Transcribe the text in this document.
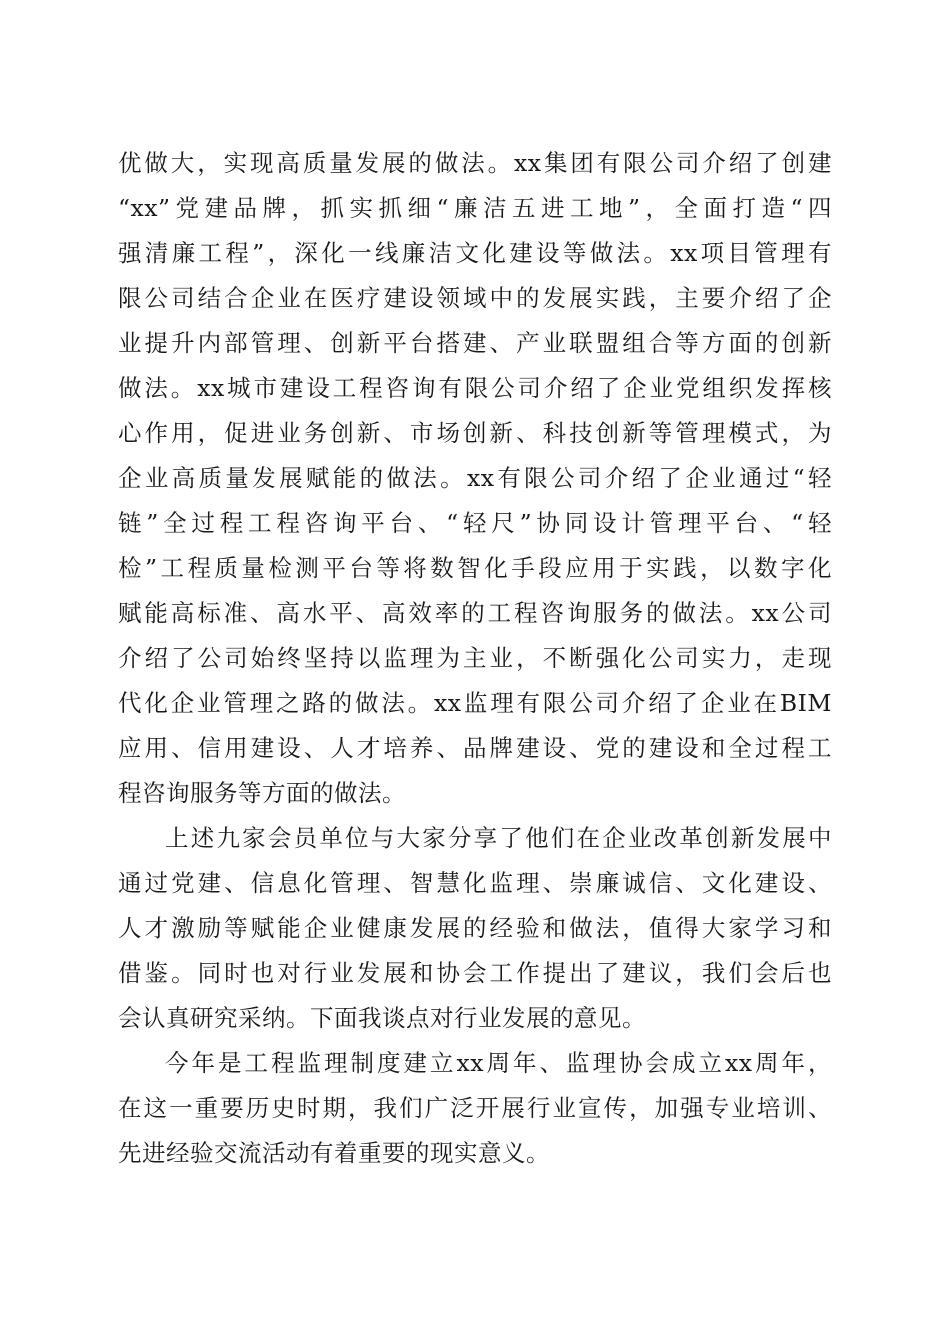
优做大，实现高质量发展的做法。xx集团有限公司介绍了创建
“xx”党建品牌，抓实抓细“廉洁五进工地”，全面打造“四
强清廉工程”，深化一线廉洁文化建设等做法。xx项目管理有
限公司结合企业在医疗建设领域中的发展实践，主要介绍了企
业提升内部管理、创新平台搭建、产业联盟组合等方面的创新
做法。xx城市建设工程咨询有限公司介绍了企业党组织发挥核
心作用，促进业务创新、市场创新、科技创新等管理模式，为
企业高质量发展赋能的做法。xx有限公司介绍了企业通过“轻
链”全过程工程咨询平台、“轻尺”协同设计管理平台、“轻
检”工程质量检测平台等将数智化手段应用于实践，以数字化
赋能高标准、高水平、高效率的工程咨询服务的做法。xx公司
介绍了公司始终坚持以监理为主业，不断强化公司实力，走现
代化企业管理之路的做法。xx监理有限公司介绍了企业在BIM
应用、信用建设、人才培养、品牌建设、党的建设和全过程工
程咨询服务等方面的做法。
上述九家会员单位与大家分享了他们在企业改革创新发展中
通过党建、信息化管理、智慧化监理、崇廉诚信、文化建设、
人才激励等赋能企业健康发展的经验和做法，值得大家学习和
借鉴。同时也对行业发展和协会工作提出了建议，我们会后也
会认真研究采纳。下面我谈点对行业发展的意见。
今年是工程监理制度建立xx周年、监理协会成立xx周年，
在这一重要历史时期，我们广泛开展行业宣传，加强专业培训、
先进经验交流活动有着重要的现实意义。
